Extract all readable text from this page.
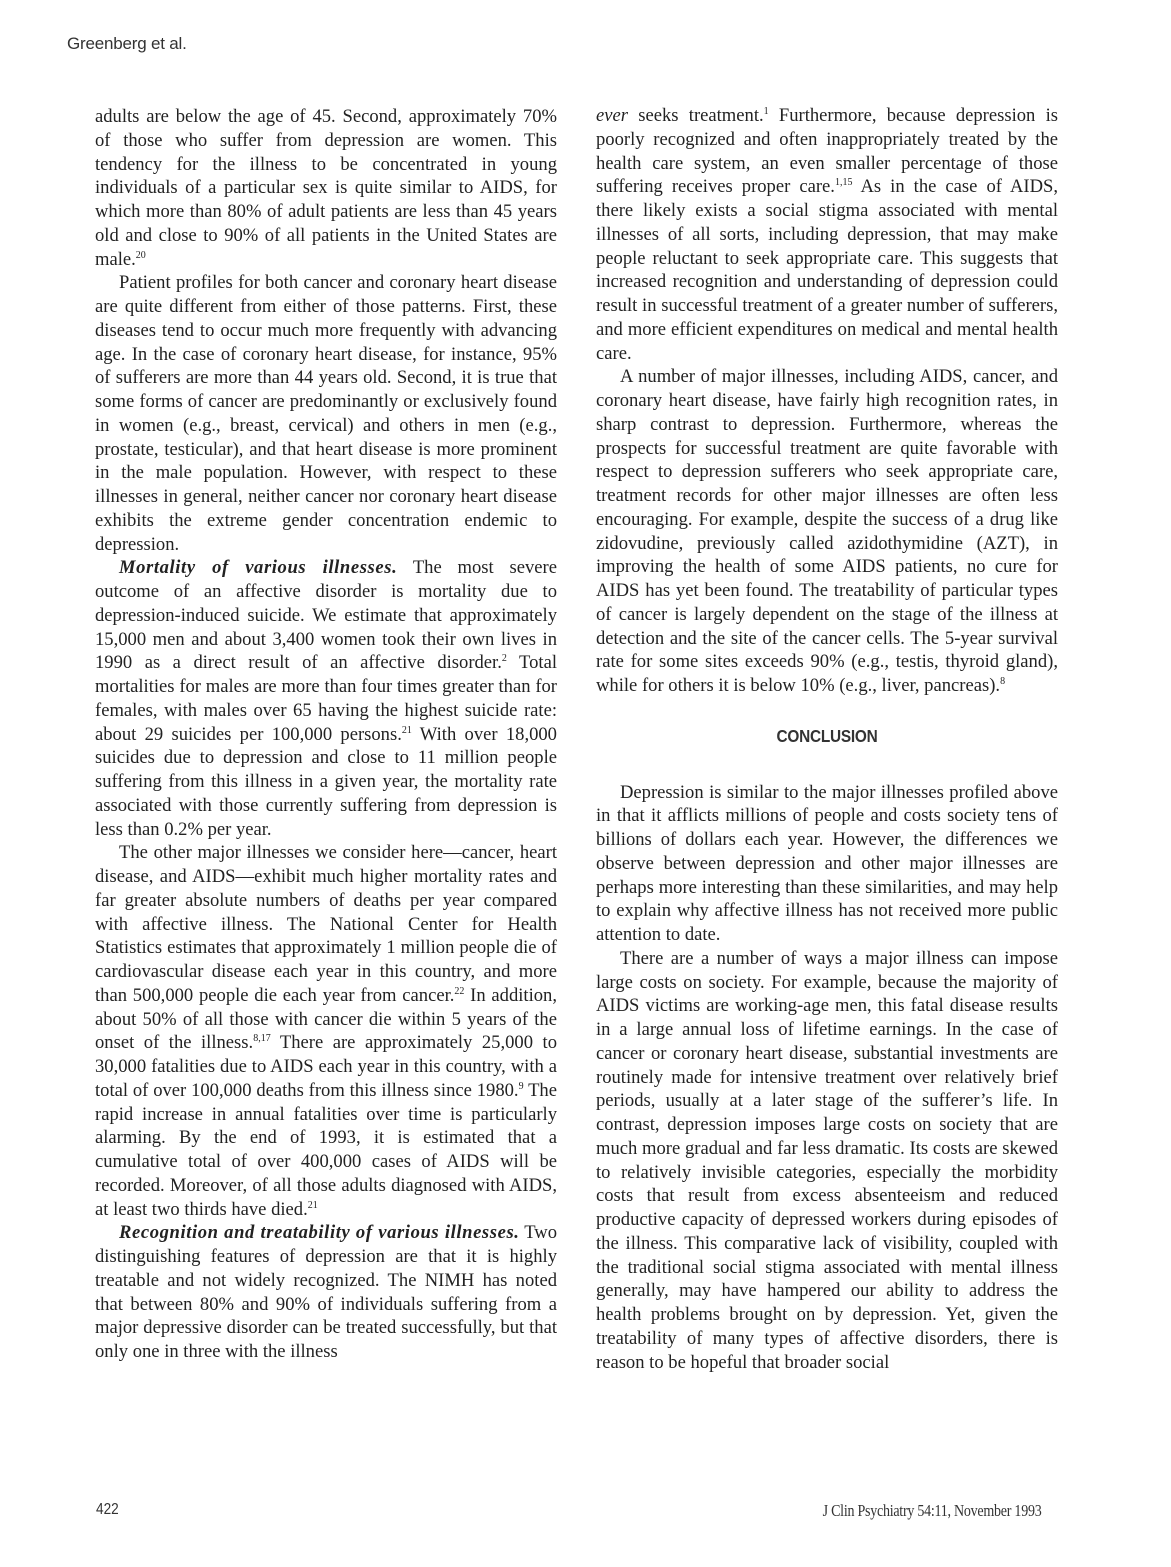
Greenberg et al.

adults are below the age of 45. Second, approximately 70% of those who suffer from depression are women. This tendency for the illness to be concentrated in young individuals of a particular sex is quite similar to AIDS, for which more than 80% of adult patients are less than 45 years old and close to 90% of all patients in the United States are male.$^{20}$

Patient profiles for both cancer and coronary heart disease are quite different from either of those patterns. First, these diseases tend to occur much more frequently with advancing age. In the case of coronary heart disease, for instance, 95% of sufferers are more than 44 years old. Second, it is true that some forms of cancer are predominantly or exclusively found in women (e.g., breast, cervical) and others in men (e.g., prostate, testicular), and that heart disease is more prominent in the male population. However, with respect to these illnesses in general, neither cancer nor coronary heart disease exhibits the extreme gender concentration endemic to depression.

Mortality of various illnesses. The most severe outcome of an affective disorder is mortality due to depression-induced suicide. We estimate that approximately 15,000 men and about 3,400 women took their own lives in 1990 as a direct result of an affective disorder.$^2$ Total mortalities for males are more than four times greater than for females, with males over 65 having the highest suicide rate: about 29 suicides per 100,000 persons.$^{21}$ With over 18,000 suicides due to depression and close to 11 million people suffering from this illness in a given year, the mortality rate associated with those currently suffering from depression is less than 0.2% per year.

The other major illnesses we consider here—cancer, heart disease, and AIDS—exhibit much higher mortality rates and far greater absolute numbers of deaths per year compared with affective illness. The National Center for Health Statistics estimates that approximately 1 million people die of cardiovascular disease each year in this country, and more than 500,000 people die each year from cancer.$^{22}$ In addition, about 50% of all those with cancer die within 5 years of the onset of the illness.$^{8,17}$ There are approximately 25,000 to 30,000 fatalities due to AIDS each year in this country, with a total of over 100,000 deaths from this illness since 1980.$^9$ The rapid increase in annual fatalities over time is particularly alarming. By the end of 1993, it is estimated that a cumulative total of over 400,000 cases of AIDS will be recorded. Moreover, of all those adults diagnosed with AIDS, at least two thirds have died.$^{21}$

Recognition and treatability of various illnesses. Two distinguishing features of depression are that it is highly treatable and not widely recognized. The NIMH has noted that between 80% and 90% of individuals suffering from a major depressive disorder can be treated successfully, but that only one in three with the illness

ever seeks treatment.$^1$ Furthermore, because depression is poorly recognized and often inappropriately treated by the health care system, an even smaller percentage of those suffering receives proper care.$^{1,15}$ As in the case of AIDS, there likely exists a social stigma associated with mental illnesses of all sorts, including depression, that may make people reluctant to seek appropriate care. This suggests that increased recognition and understanding of depression could result in successful treatment of a greater number of sufferers, and more efficient expenditures on medical and mental health care.

A number of major illnesses, including AIDS, cancer, and coronary heart disease, have fairly high recognition rates, in sharp contrast to depression. Furthermore, whereas the prospects for successful treatment are quite favorable with respect to depression sufferers who seek appropriate care, treatment records for other major illnesses are often less encouraging. For example, despite the success of a drug like zidovudine, previously called azidothymidine (AZT), in improving the health of some AIDS patients, no cure for AIDS has yet been found. The treatability of particular types of cancer is largely dependent on the stage of the illness at detection and the site of the cancer cells. The 5-year survival rate for some sites exceeds 90% (e.g., testis, thyroid gland), while for others it is below 10% (e.g., liver, pancreas).$^8$

CONCLUSION

Depression is similar to the major illnesses profiled above in that it afflicts millions of people and costs society tens of billions of dollars each year. However, the differences we observe between depression and other major illnesses are perhaps more interesting than these similarities, and may help to explain why affective illness has not received more public attention to date.

There are a number of ways a major illness can impose large costs on society. For example, because the majority of AIDS victims are working-age men, this fatal disease results in a large annual loss of lifetime earnings. In the case of cancer or coronary heart disease, substantial investments are routinely made for intensive treatment over relatively brief periods, usually at a later stage of the sufferer’s life. In contrast, depression imposes large costs on society that are much more gradual and far less dramatic. Its costs are skewed to relatively invisible categories, especially the morbidity costs that result from excess absenteeism and reduced productive capacity of depressed workers during episodes of the illness. This comparative lack of visibility, coupled with the traditional social stigma associated with mental illness generally, may have hampered our ability to address the health problems brought on by depression. Yet, given the treatability of many types of affective disorders, there is reason to be hopeful that broader social

422	J Clin Psychiatry 54:11, November 1993
